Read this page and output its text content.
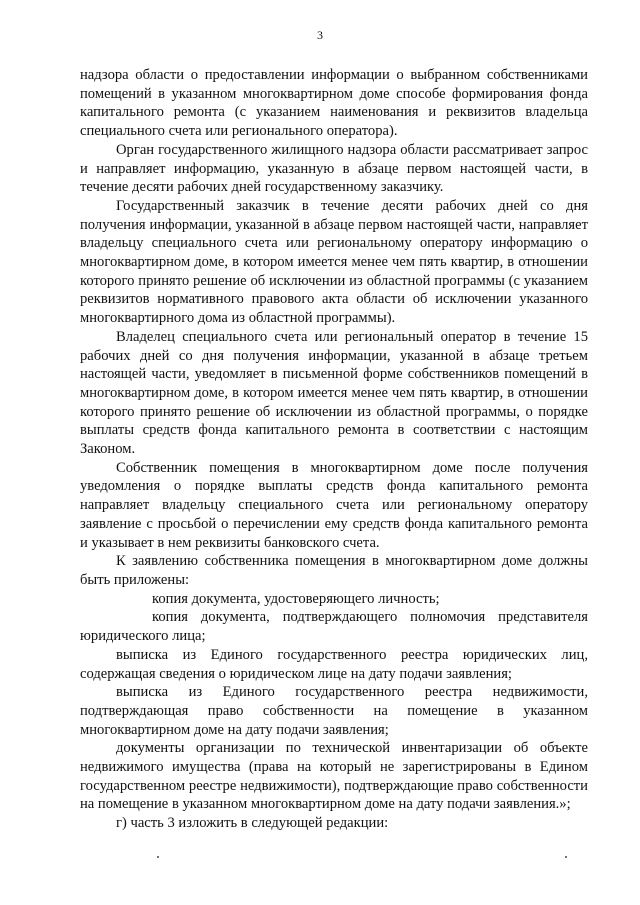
3

надзора области о предоставлении информации о выбранном собственниками помещений в указанном многоквартирном доме способе формирования фонда капитального ремонта (с указанием наименования и реквизитов владельца специального счета или регионального оператора).

Орган государственного жилищного надзора области рассматривает запрос и направляет информацию, указанную в абзаце первом настоящей части, в течение десяти рабочих дней государственному заказчику.

Государственный заказчик в течение десяти рабочих дней со дня получения информации, указанной в абзаце первом настоящей части, направляет владельцу специального счета или региональному оператору информацию о многоквартирном доме, в котором имеется менее чем пять квартир, в отношении которого принято решение об исключении из областной программы (с указанием реквизитов нормативного правового акта области об исключении указанного многоквартирного дома из областной программы).

Владелец специального счета или региональный оператор в течение 15 рабочих дней со дня получения информации, указанной в абзаце третьем настоящей части, уведомляет в письменной форме собственников помещений в многоквартирном доме, в котором имеется менее чем пять квартир, в отношении которого принято решение об исключении из областной программы, о порядке выплаты средств фонда капитального ремонта в соответствии с настоящим Законом.

Собственник помещения в многоквартирном доме после получения уведомления о порядке выплаты средств фонда капитального ремонта направляет владельцу специального счета или региональному оператору заявление с просьбой о перечислении ему средств фонда капитального ремонта и указывает в нем реквизиты банковского счета.

К заявлению собственника помещения в многоквартирном доме должны быть приложены:

копия документа, удостоверяющего личность;

копия документа, подтверждающего полномочия представителя юридического лица;

выписка из Единого государственного реестра юридических лиц, содержащая сведения о юридическом лице на дату подачи заявления;

выписка из Единого государственного реестра недвижимости, подтверждающая право собственности на помещение в указанном многоквартирном доме на дату подачи заявления;

документы организации по технической инвентаризации об объекте недвижимого имущества (права на который не зарегистрированы в Едином государственном реестре недвижимости), подтверждающие право собственности на помещение в указанном многоквартирном доме на дату подачи заявления.»;

г) часть 3 изложить в следующей редакции:
